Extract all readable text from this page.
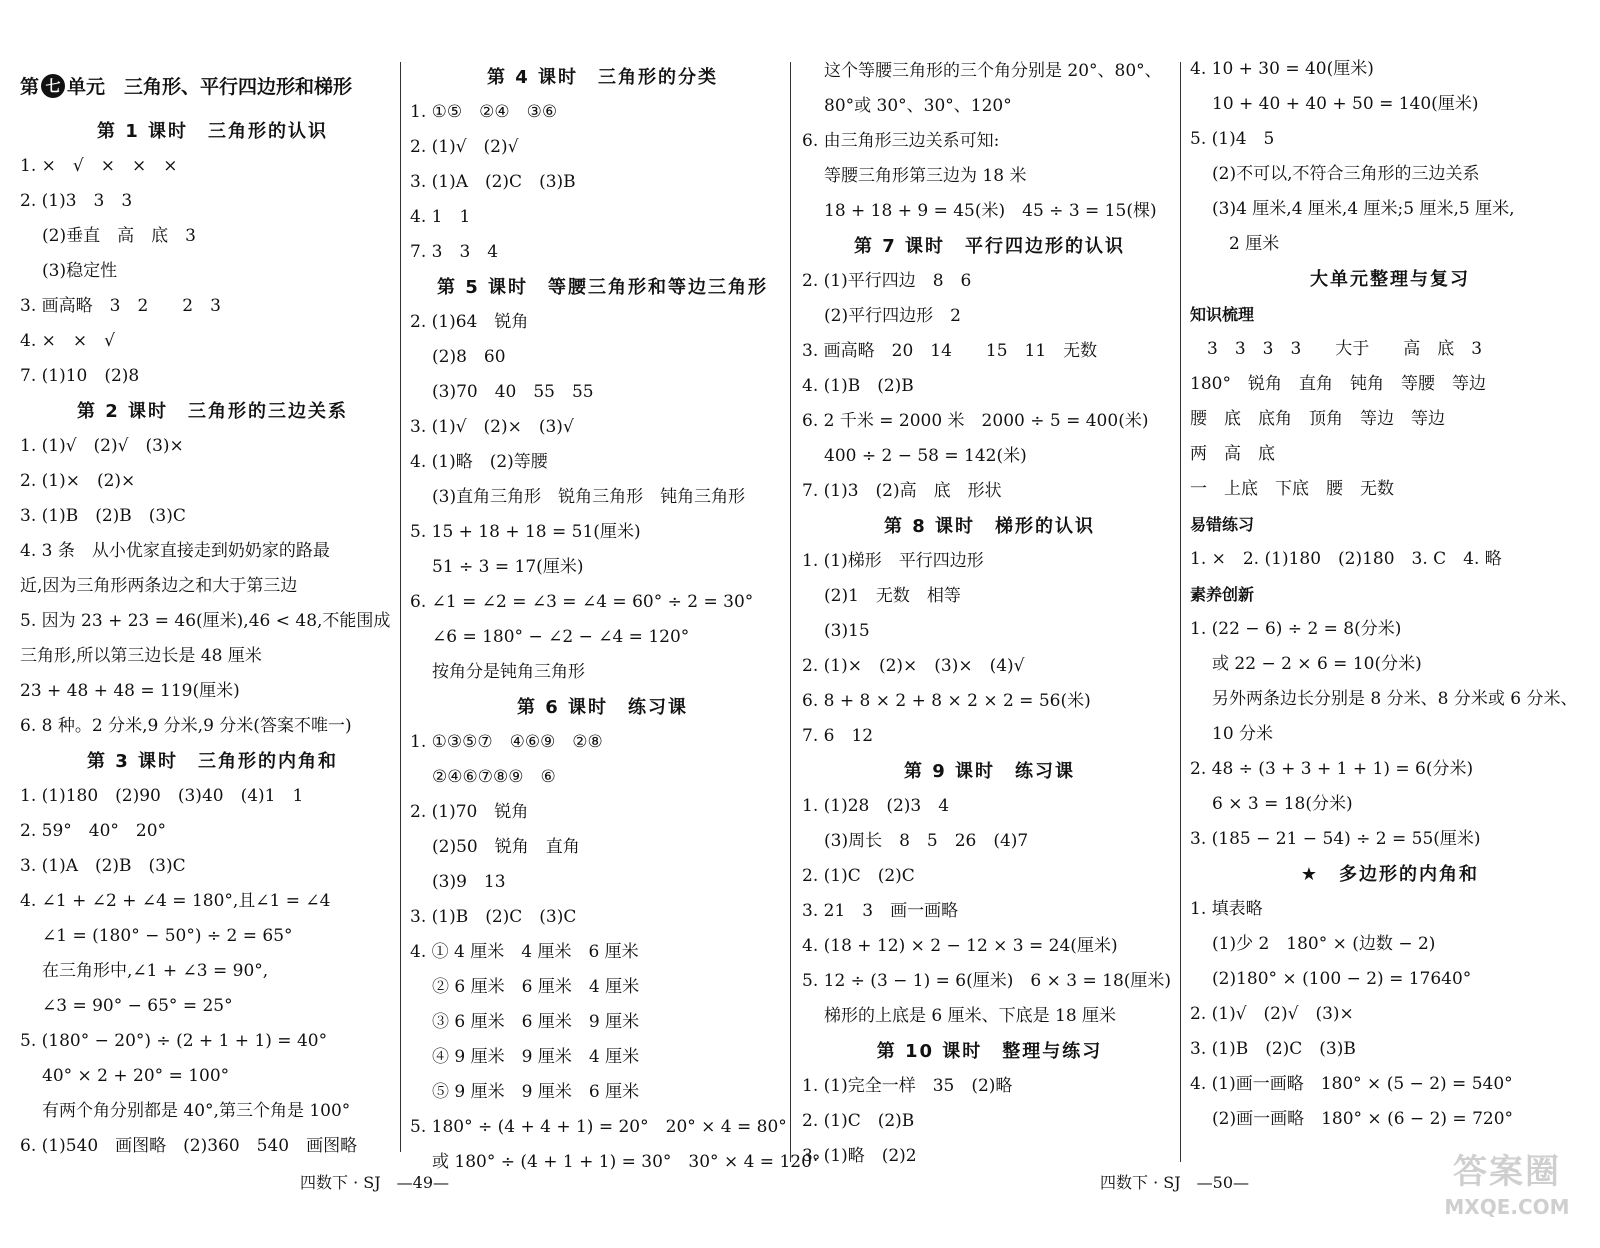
第 七 单元　 三角形、平行四边形和梯形
第 1 课时　三角形的认识
1. ×　√　×　×　×
2. (1)3　3　3
(2)垂直　高　底　3
(3)稳定性
3. 画高略　3　2　　2　3
4. ×　×　√
7. (1)10　(2)8
第 2 课时　三角形的三边关系
1. (1)√　(2)√　(3)×
2. (1)×　(2)×
3. (1)B　(2)B　(3)C
4. 3 条　从小优家直接走到奶奶家的路最
近,因为三角形两条边之和大于第三边
5. 因为 23 + 23 = 46(厘米),46 < 48,不能围成
三角形,所以第三边长是 48 厘米
23 + 48 + 48 = 119(厘米)
6. 8 种。2 分米,9 分米,9 分米(答案不唯一)
第 3 课时　三角形的内角和
1. (1)180　(2)90　(3)40　(4)1　1
2. 59°　40°　20°
3. (1)A　(2)B　(3)C
4. ∠1 + ∠2 + ∠4 = 180°,且∠1 = ∠4
∠1 = (180° − 50°) ÷ 2 = 65°
在三角形中,∠1 + ∠3 = 90°,
∠3 = 90° − 65° = 25°
5. (180° − 20°) ÷ (2 + 1 + 1) = 40°
40° × 2 + 20° = 100°
有两个角分别都是 40°,第三个角是 100°
6. (1)540　画图略　(2)360　540　画图略
第 4 课时　三角形的分类
1. ①⑤　②④　③⑥
2. (1)√　(2)√
3. (1)A　(2)C　(3)B
4. 1　1
7. 3　3　4
第 5 课时　等腰三角形和等边三角形
2. (1)64　锐角
(2)8　60
(3)70　40　55　55
3. (1)√　(2)×　(3)√
4. (1)略　(2)等腰
(3)直角三角形　锐角三角形　钝角三角形
5. 15 + 18 + 18 = 51(厘米)
51 ÷ 3 = 17(厘米)
6. ∠1 = ∠2 = ∠3 = ∠4 = 60° ÷ 2 = 30°
∠6 = 180° − ∠2 − ∠4 = 120°
按角分是钝角三角形
第 6 课时　练习课
1. ①③⑤⑦　④⑥⑨　②⑧
②④⑥⑦⑧⑨　⑥
2. (1)70　锐角
(2)50　锐角　直角
(3)9　13
3. (1)B　(2)C　(3)C
4. ① 4 厘米　4 厘米　6 厘米
② 6 厘米　6 厘米　4 厘米
③ 6 厘米　6 厘米　9 厘米
④ 9 厘米　9 厘米　4 厘米
⑤ 9 厘米　9 厘米　6 厘米
5. 180° ÷ (4 + 4 + 1) = 20°　20° × 4 = 80°
或 180° ÷ (4 + 1 + 1) = 30°　30° × 4 = 120°
这个等腰三角形的三个角分别是 20°、80°、
80°或 30°、30°、120°
6. 由三角形三边关系可知:
等腰三角形第三边为 18 米
18 + 18 + 9 = 45(米)　45 ÷ 3 = 15(棵)
第 7 课时　平行四边形的认识
2. (1)平行四边　8　6
(2)平行四边形　2
3. 画高略　20　14　　15　11　无数
4. (1)B　(2)B
6. 2 千米 = 2000 米　2000 ÷ 5 = 400(米)
400 ÷ 2 − 58 = 142(米)
7. (1)3　(2)高　底　形状
第 8 课时　梯形的认识
1. (1)梯形　平行四边形
(2)1　无数　相等
(3)15
2. (1)×　(2)×　(3)×　(4)√
6. 8 + 8 × 2 + 8 × 2 × 2 = 56(米)
7. 6　12
第 9 课时　练习课
1. (1)28　(2)3　4
(3)周长　8　5　26　(4)7
2. (1)C　(2)C
3. 21　3　画一画略
4. (18 + 12) × 2 − 12 × 3 = 24(厘米)
5. 12 ÷ (3 − 1) = 6(厘米)　6 × 3 = 18(厘米)
梯形的上底是 6 厘米、下底是 18 厘米
第 10 课时　整理与练习
1. (1)完全一样　35　(2)略
2. (1)C　(2)B
3. (1)略　(2)2
4. 10 + 30 = 40(厘米)
10 + 40 + 40 + 50 = 140(厘米)
5. (1)4　5
(2)不可以,不符合三角形的三边关系
(3)4 厘米,4 厘米,4 厘米;5 厘米,5 厘米,
　2 厘米
大单元整理与复习
知识梳理
　3　3　3　3　　大于　　高　底　3
180°　锐角　直角　钝角　等腰　等边
腰　底　底角　顶角　等边　等边
两　高　底
一　上底　下底　腰　无数
易错练习
1. ×　2. (1)180　(2)180　3. C　4. 略
素养创新
1. (22 − 6) ÷ 2 = 8(分米)
或 22 − 2 × 6 = 10(分米)
另外两条边长分别是 8 分米、8 分米或 6 分米、
10 分米
2. 48 ÷ (3 + 3 + 1 + 1) = 6(分米)
6 × 3 = 18(分米)
3. (185 − 21 − 54) ÷ 2 = 55(厘米)
★　多边形的内角和
1. 填表略
(1)少 2　180° × (边数 − 2)
(2)180° × (100 − 2) = 17640°
2. (1)√　(2)√　(3)×
3. (1)B　(2)C　(3)B
4. (1)画一画略　180° × (5 − 2) = 540°
(2)画一画略　180° × (6 − 2) = 720°
四数下 · SJ　—49—	四数下 · SJ　—50—	答案圈
MXQE.COM
